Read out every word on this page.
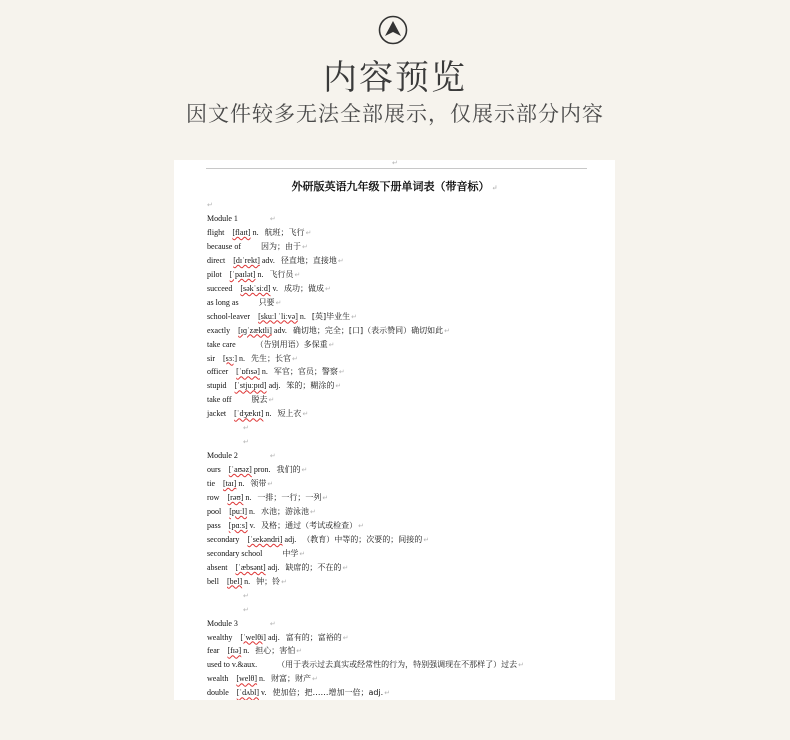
内容预览
因文件较多无法全部展示，仅展示部分内容
↵
外研版英语九年级下册单词表（带音标） ↵
↵
Module 1	↵
flight [flaɪt] n. 航班；飞行↵
because of	因为；由于↵
direct [dɪˈrekt] adv. 径直地；直接地↵
pilot [ˈpaɪlət] n. 飞行员↵
succeed [səkˈsiːd] v. 成功；做成↵
as long as	只要↵
school-leaver [skuːl ˈliːvə] n. [英]毕业生↵
exactly [ɪɡˈzæktli] adv. 确切地；完全；[口]（表示赞同）确切如此↵
take care	（告别用语）多保重↵
sir [sɜː] n. 先生；长官↵
officer [ˈɒfɪsə] n. 军官；官员；警察↵
stupid [ˈstjuːpɪd] adj. 笨的；糊涂的↵
take off	脱去↵
jacket [ˈdʒækɪt] n. 短上衣↵
↵
↵
Module 2	↵
ours [ˈaʊəz] pron. 我们的↵
tie [taɪ] n. 领带↵
row [rəʊ] n. 一排；一行；一列↵
pool [puːl] n. 水池；游泳池↵
pass [pɑːs] v. 及格；通过（考试或检查）↵
secondary [ˈsekəndri] adj. （教育）中等的；次要的；间接的↵
secondary school	中学↵
absent [ˈæbsənt] adj. 缺席的；不在的↵
bell [bel] n. 钟；铃↵
↵
↵
Module 3	↵
wealthy [ˈwelθi] adj. 富有的；富裕的↵
fear [fɪə] n. 担心；害怕↵
used to v.&aux.	（用于表示过去真实或经常性的行为，特别强调现在不那样了）过去↵
wealth [welθ] n. 财富；财产↵
double [ˈdʌbl] v. 使加倍；把……增加一倍；adj.↵
